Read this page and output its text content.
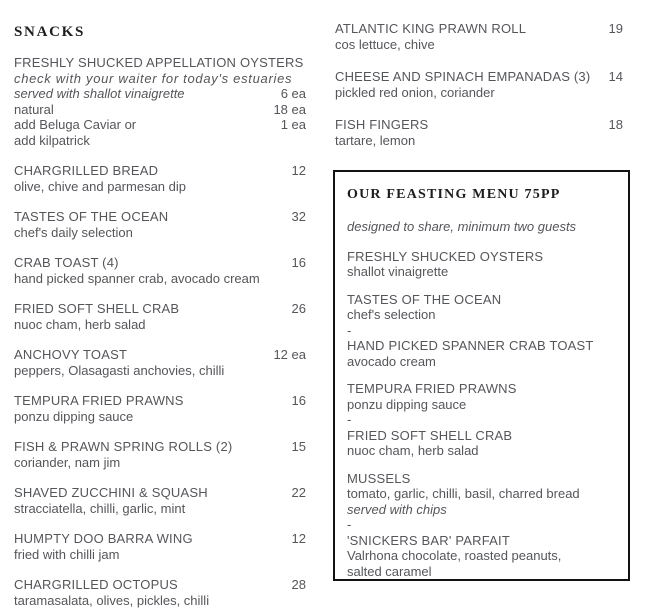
SNACKS
FRESHLY SHUCKED APPELLATION OYSTERS
check with your waiter for today's estuaries
served with shallot vinaigrette	6 ea
natural	18 ea
add Beluga Caviar or	1 ea
add kilpatrick
CHARGRILLED BREAD	12
olive, chive and parmesan dip
TASTES OF THE OCEAN	32
chef's daily selection
CRAB TOAST (4)	16
hand picked spanner crab, avocado cream
FRIED SOFT SHELL CRAB	26
nuoc cham, herb salad
ANCHOVY TOAST	12 ea
peppers, Olasagasti anchovies, chilli
TEMPURA FRIED PRAWNS	16
ponzu dipping sauce
FISH & PRAWN SPRING ROLLS (2)	15
coriander, nam jim
SHAVED ZUCCHINI & SQUASH	22
stracciatella, chilli, garlic, mint
HUMPTY DOO BARRA WING	12
fried with chilli jam
CHARGRILLED OCTOPUS	28
taramasalata, olives, pickles, chilli
ATLANTIC KING PRAWN ROLL	19
cos lettuce, chive
CHEESE AND SPINACH EMPANADAS (3)	14
pickled red onion, coriander
FISH FINGERS	18
tartare, lemon
OUR FEASTING MENU 75PP
designed to share, minimum two guests
FRESHLY SHUCKED OYSTERS
shallot vinaigrette
TASTES OF THE OCEAN
chef's selection
-
HAND PICKED SPANNER CRAB TOAST
avocado cream
TEMPURA FRIED PRAWNS
ponzu dipping sauce
-
FRIED SOFT SHELL CRAB
nuoc cham, herb salad
MUSSELS
tomato, garlic, chilli, basil, charred bread
served with chips
-
'SNICKERS BAR' PARFAIT
Valrhona chocolate, roasted peanuts,
salted caramel
